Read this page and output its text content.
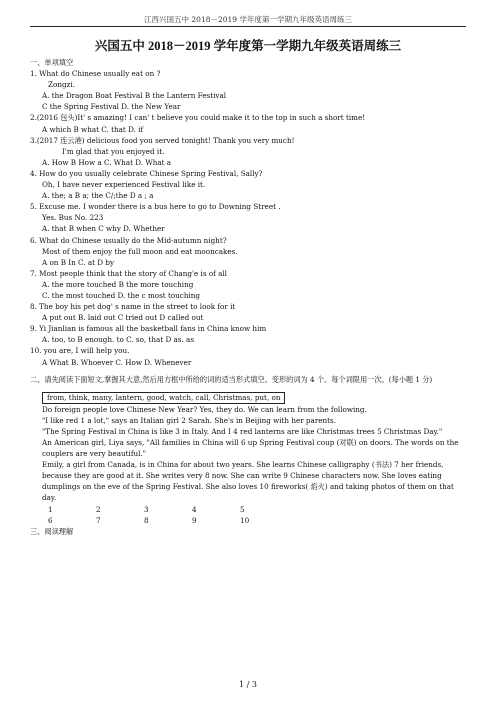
江西兴国五中 2018－2019 学年度第一学期九年级英语周练三
兴国五中 2018－2019 学年度第一学期九年级英语周练三
一、单项填空
1. What do Chinese usually eat on ?
Zongzi.
A. the Dragon Boat Festival B the Lantern Festival
C the Spring Festival D. the New Year
2.(2016 包头)It' s amazing! I can' t believe you could make it to the top in such a short time!
A which B what C. that D. if
3.(2017 连云港) delicious food you served tonight! Thank you very much!
I'm glad that you enjoyed it.
A. How B How a C. What D. What a
4. How do you usually celebrate Chinese Spring Festival, Sally?
Oh, I have never experienced Festival like it.
A. the; a B a; the C/;the D a ; a
5. Excuse me. I wonder there is a bus here to go to Downing Street .
Yes. Bus No. 223
A. that B when C why D. Whether
6. What do Chinese usually do the Mid-autumn night?
Most of them enjoy the full moon and eat mooncakes.
A on B In C. at D by
7. Most people think that the story of Chang'e is of all
A. the more touched B the more touching
C. the most touched D. the c most touching
8. The boy his pet dog' s name in the street to look for it
A put out B. laid out C tried out D called out
9. Yi Jianlian is famous all the basketball fans in China know him
A. too, to B enough. to C. so, that D as. as
10. you are, I will help you.
A What B. Whoever C. How D. Whenever
二、请先阅读下面短文,掌握其大意,然后用方框中所给的词的适当形式填空。变形的词为 4 个。每个词限用一次。(每小题 1 分)
from, think, many, lantern, good, watch, call, Christmas, put, on
Do foreign people love Chinese New Year? Yes, they do. We can learn from the following.
"I like red 1 a lot," says an Italian girl 2 Sarah. She's in Beijing with her parents.
"The Spring Festival in China is like 3 in Italy. And I 4 red lanterns are like Christmas trees 5 Christmas Day."
An American girl, Liya says, "All families in China will 6 up Spring Festival coup (对联) on doors. The words on the couplers are very beautiful."
Emily, a girl from Canada, is in China for about two years. She learns Chinese calligraphy (书法) 7 her friends, because they are good at it. She writes very 8 now. She can write 9 Chinese characters now. She loves eating dumplings on the eve of the Spring Festival. She also loves 10 fireworks( 焰火) and taking photos of them on that day.
1	2	3	4	5
6	7	8	9	10
三、阅读理解
1 / 3
